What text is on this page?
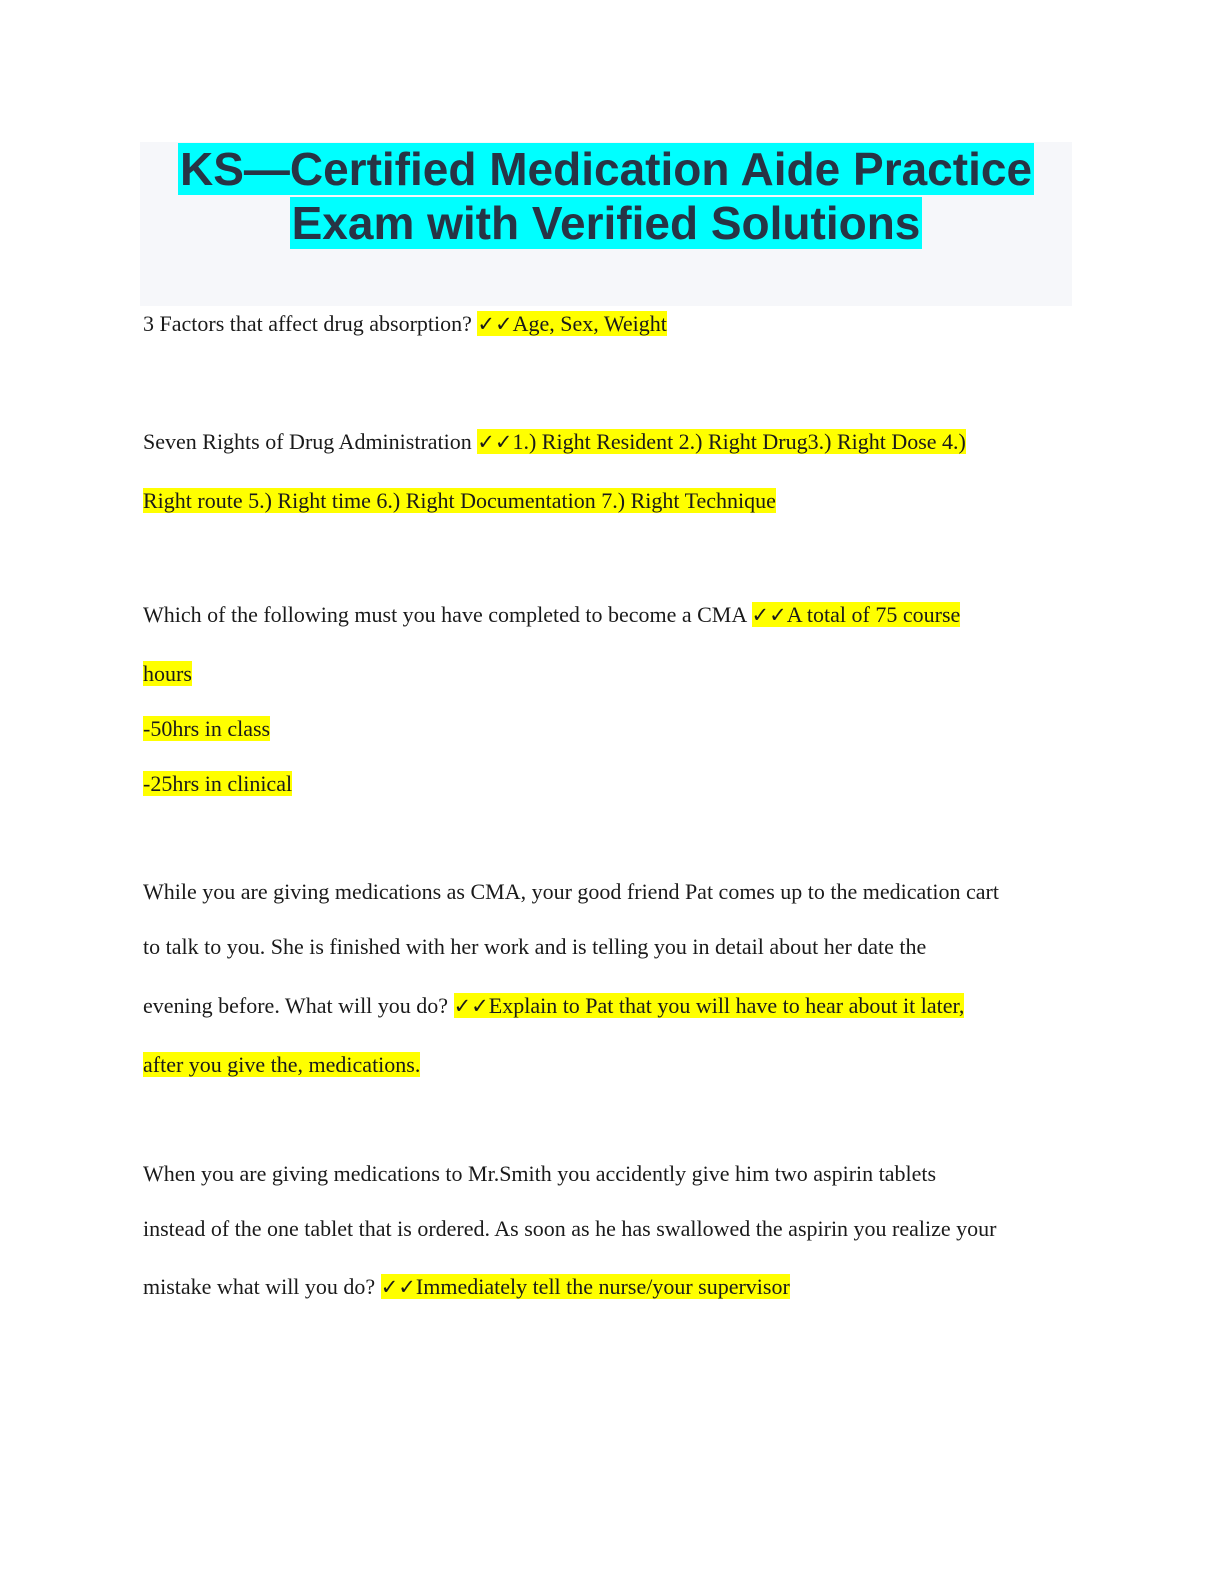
KS—Certified Medication Aide Practice
Exam with Verified Solutions
3 Factors that affect drug absorption? ✓✓Age, Sex, Weight
Seven Rights of Drug Administration ✓✓1.) Right Resident 2.) Right Drug3.) Right Dose 4.)
Right route 5.) Right time 6.) Right Documentation 7.) Right Technique
Which of the following must you have completed to become a CMA ✓✓A total of 75 course
hours
-50hrs in class
-25hrs in clinical
While you are giving medications as CMA, your good friend Pat comes up to the medication cart
to talk to you. She is finished with her work and is telling you in detail about her date the
evening before. What will you do? ✓✓Explain to Pat that you will have to hear about it later,
after you give the, medications.
When you are giving medications to Mr.Smith you accidently give him two aspirin tablets
instead of the one tablet that is ordered. As soon as he has swallowed the aspirin you realize your
mistake what will you do? ✓✓Immediately tell the nurse/your supervisor
